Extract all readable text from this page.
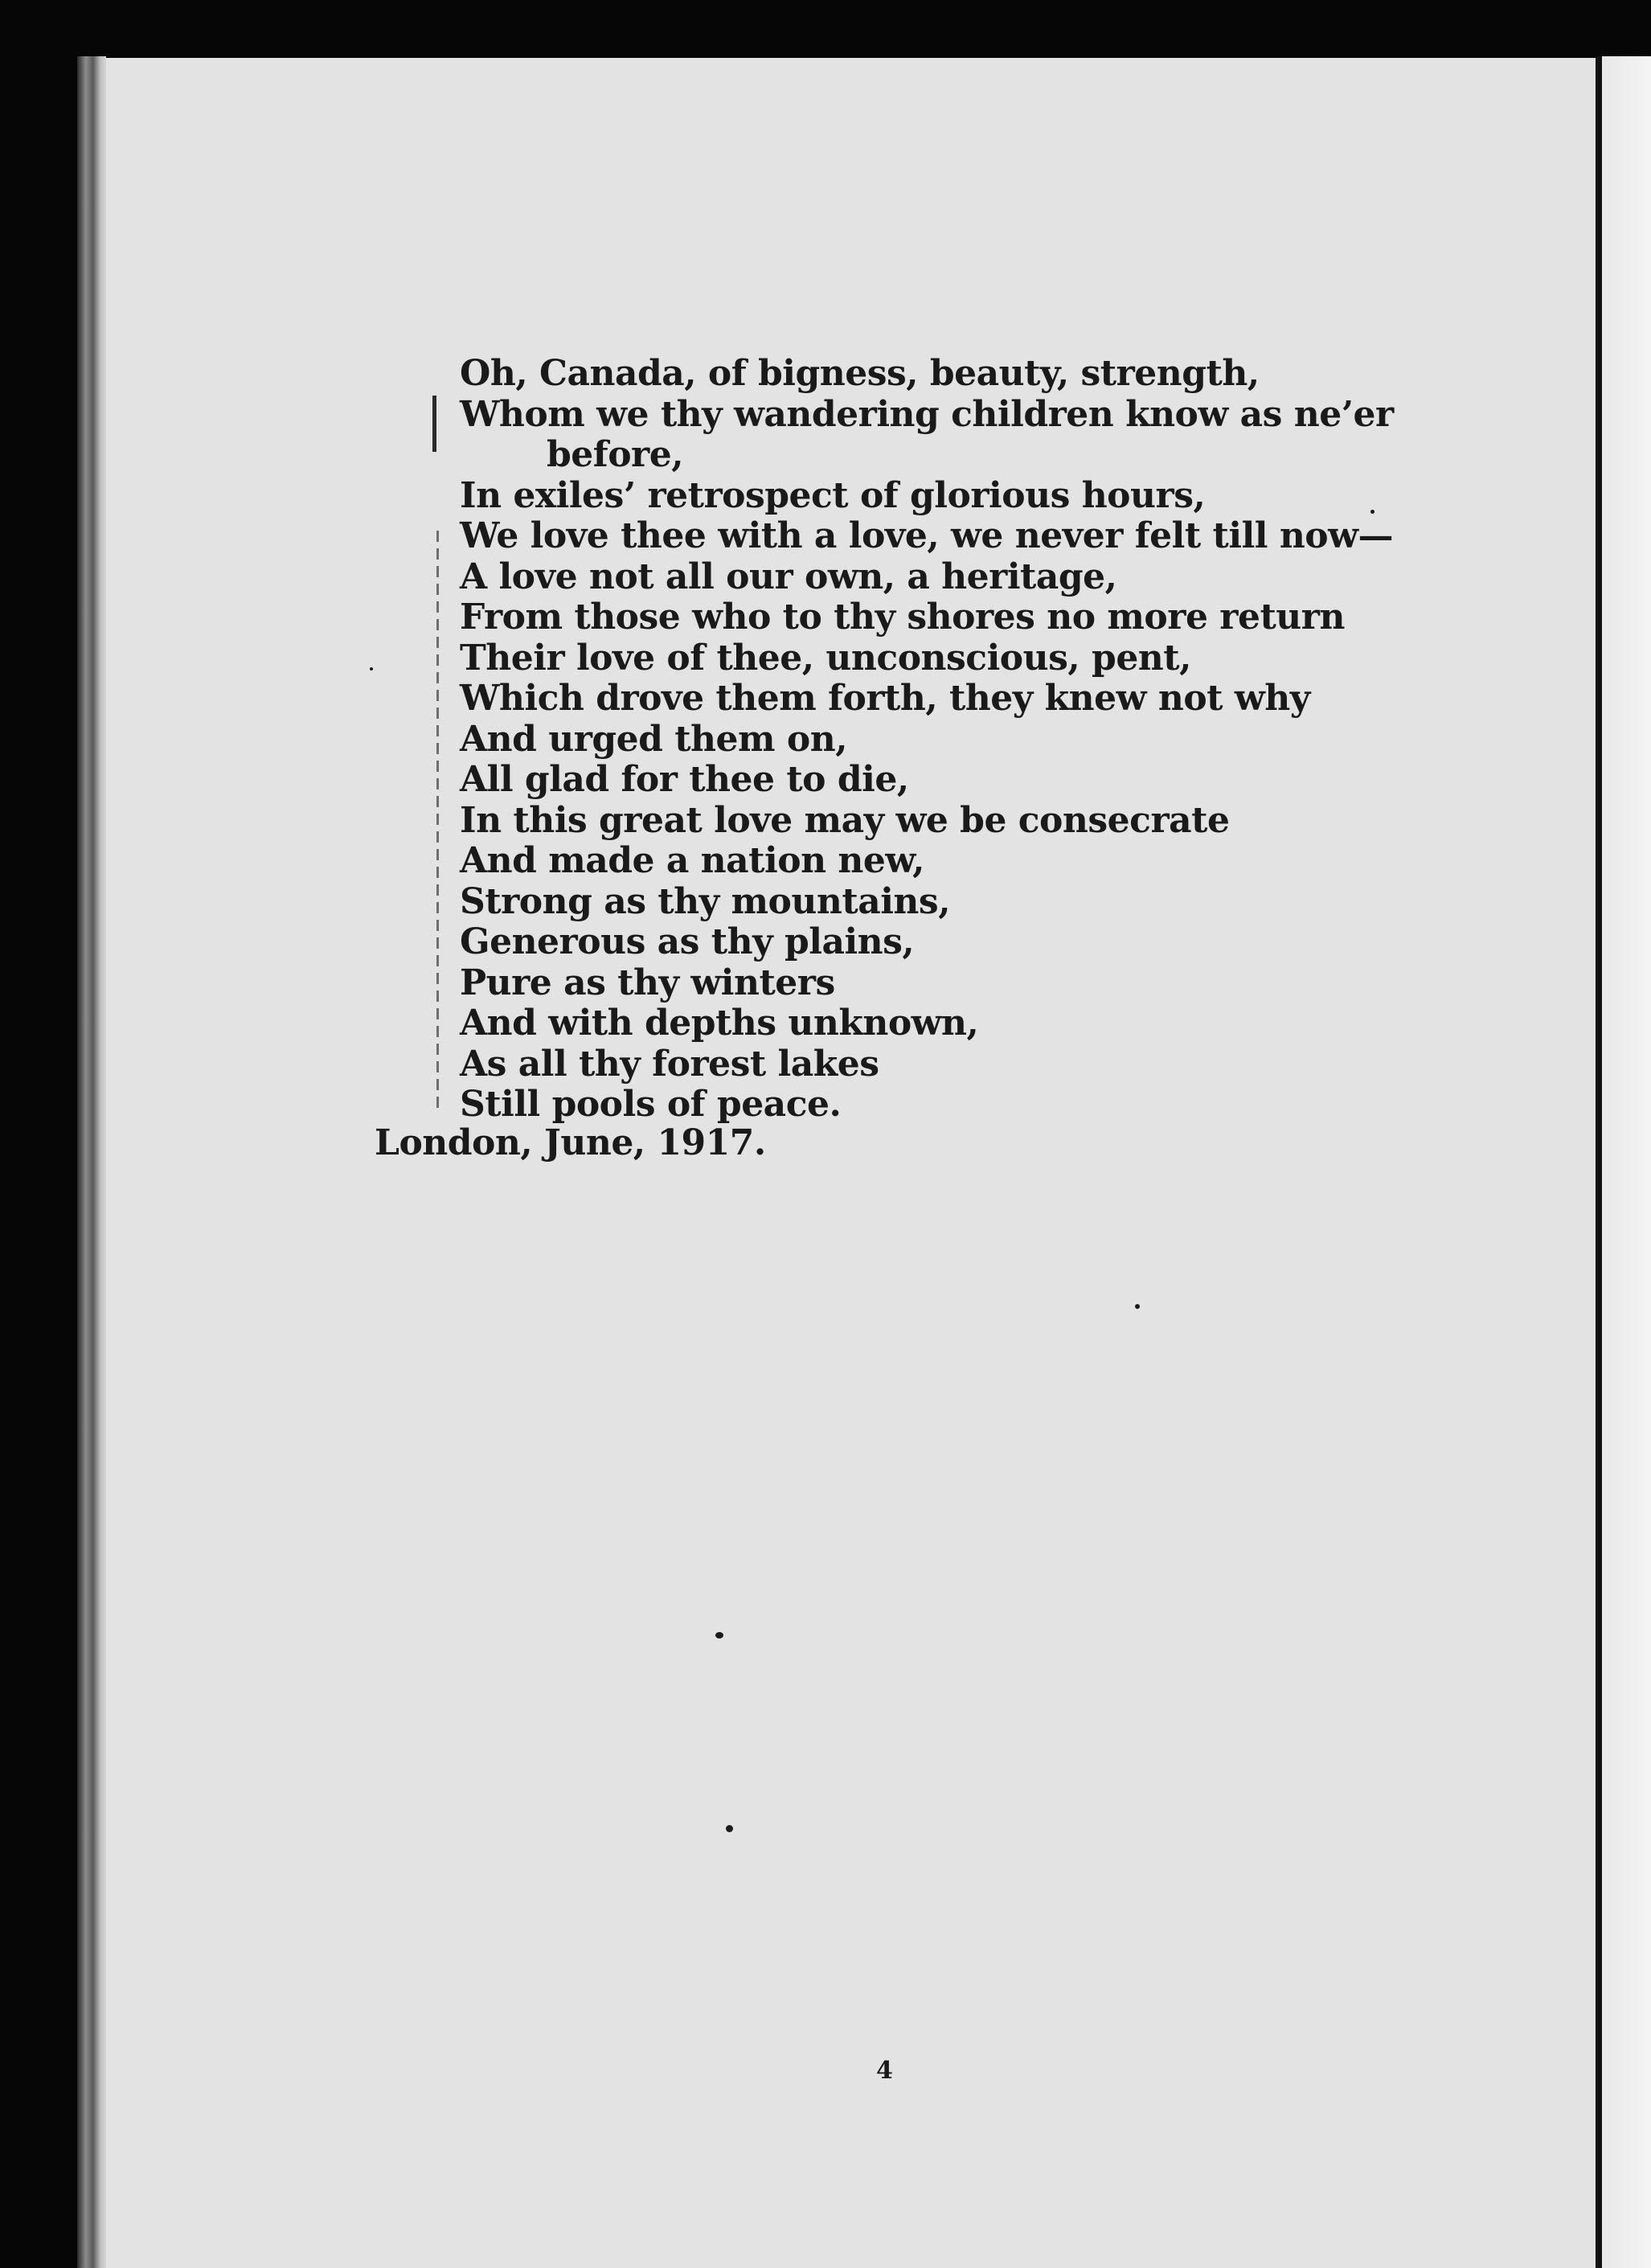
Oh, Canada, of bigness, beauty, strength,
Whom we thy wandering children know as ne’er
before,
In exiles’ retrospect of glorious hours,
We love thee with a love, we never felt till now—
A love not all our own, a heritage,
From those who to thy shores no more return
Their love of thee, unconscious, pent,
Which drove them forth, they knew not why
And urged them on,
All glad for thee to die,
In this great love may we be consecrate
And made a nation new,
Strong as thy mountains,
Generous as thy plains,
Pure as thy winters
And with depths unknown,
As all thy forest lakes
Still pools of peace.

London, June, 1917.

4
